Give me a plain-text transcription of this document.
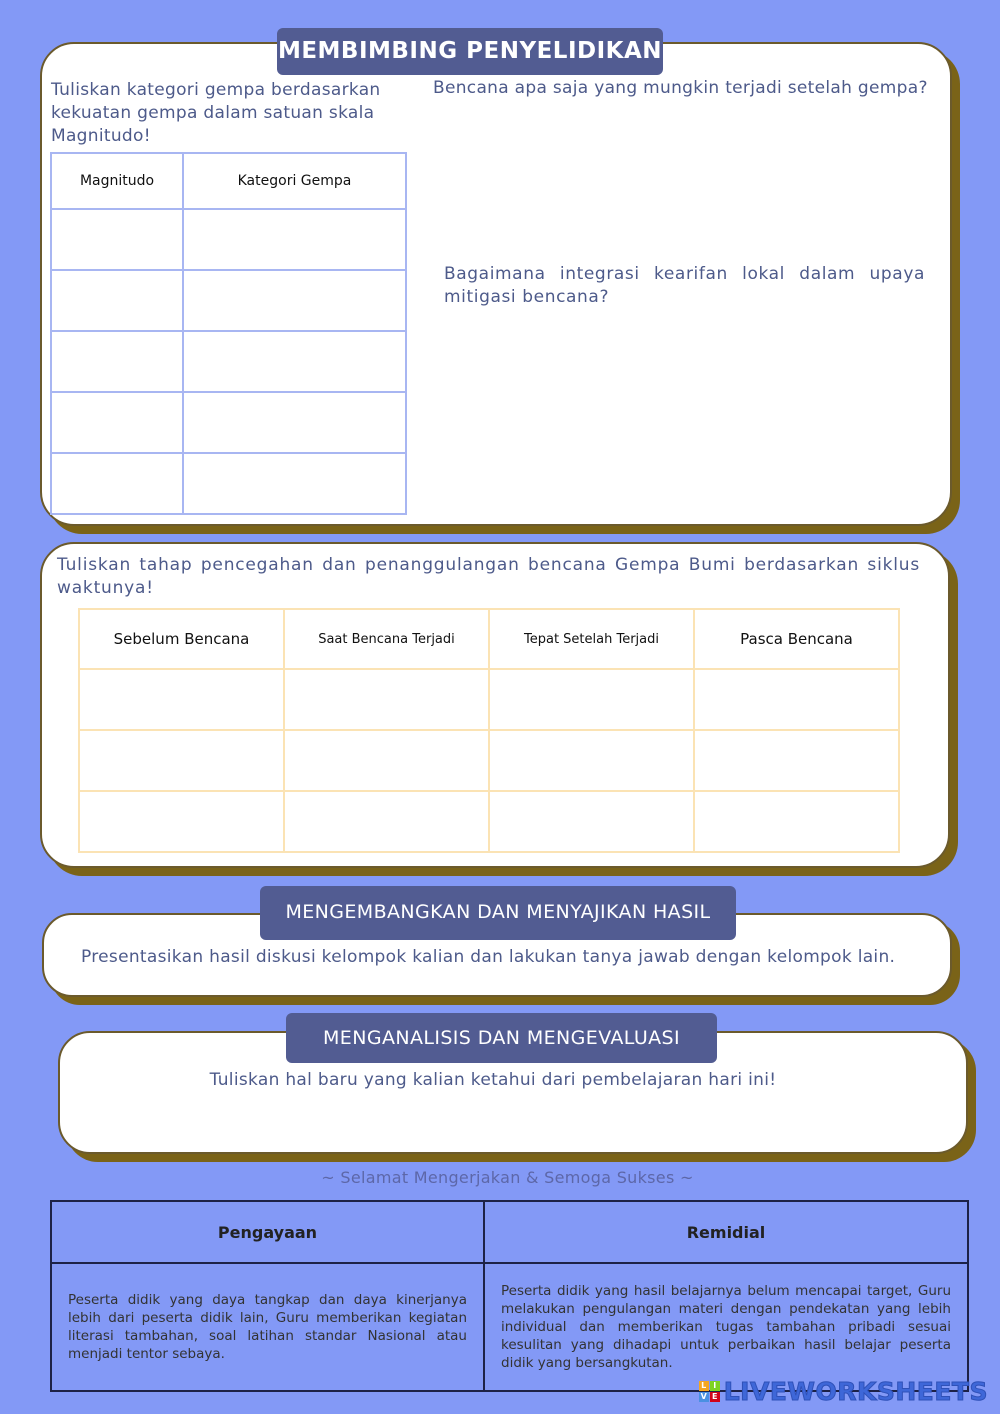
MEMBIMBING PENYELIDIKAN
Tuliskan kategori gempa berdasarkan kekuatan gempa dalam satuan skala Magnitudo!
Bencana apa saja yang mungkin terjadi setelah gempa?
Bagaimana integrasi kearifan lokal dalam upaya mitigasi bencana?
Magnitudo	Kategori Gempa

Tuliskan tahap pencegahan dan penanggulangan bencana Gempa Bumi berdasarkan siklus waktunya!
Sebelum Bencana	Saat Bencana Terjadi	Tepat Setelah Terjadi	Pasca Bencana

MENGEMBANGKAN DAN MENYAJIKAN HASIL
Presentasikan hasil diskusi kelompok kalian dan lakukan tanya jawab dengan kelompok lain.
MENGANALISIS DAN MENGEVALUASI
Tuliskan hal baru yang kalian ketahui dari pembelajaran hari ini!
~ Selamat Mengerjakan & Semoga Sukses ~
Pengayaan	Remidial
Peserta didik yang daya tangkap dan daya kinerjanya lebih dari peserta didik lain, Guru memberikan kegiatan literasi tambahan, soal latihan standar Nasional atau menjadi tentor sebaya.	Peserta didik yang hasil belajarnya belum mencapai target, Guru melakukan pengulangan materi dengan pendekatan yang lebih individual dan memberikan tugas tambahan pribadi sesuai kesulitan yang dihadapi untuk perbaikan hasil belajar peserta didik yang bersangkutan.
L I
V E LIVEWORKSHEETS
